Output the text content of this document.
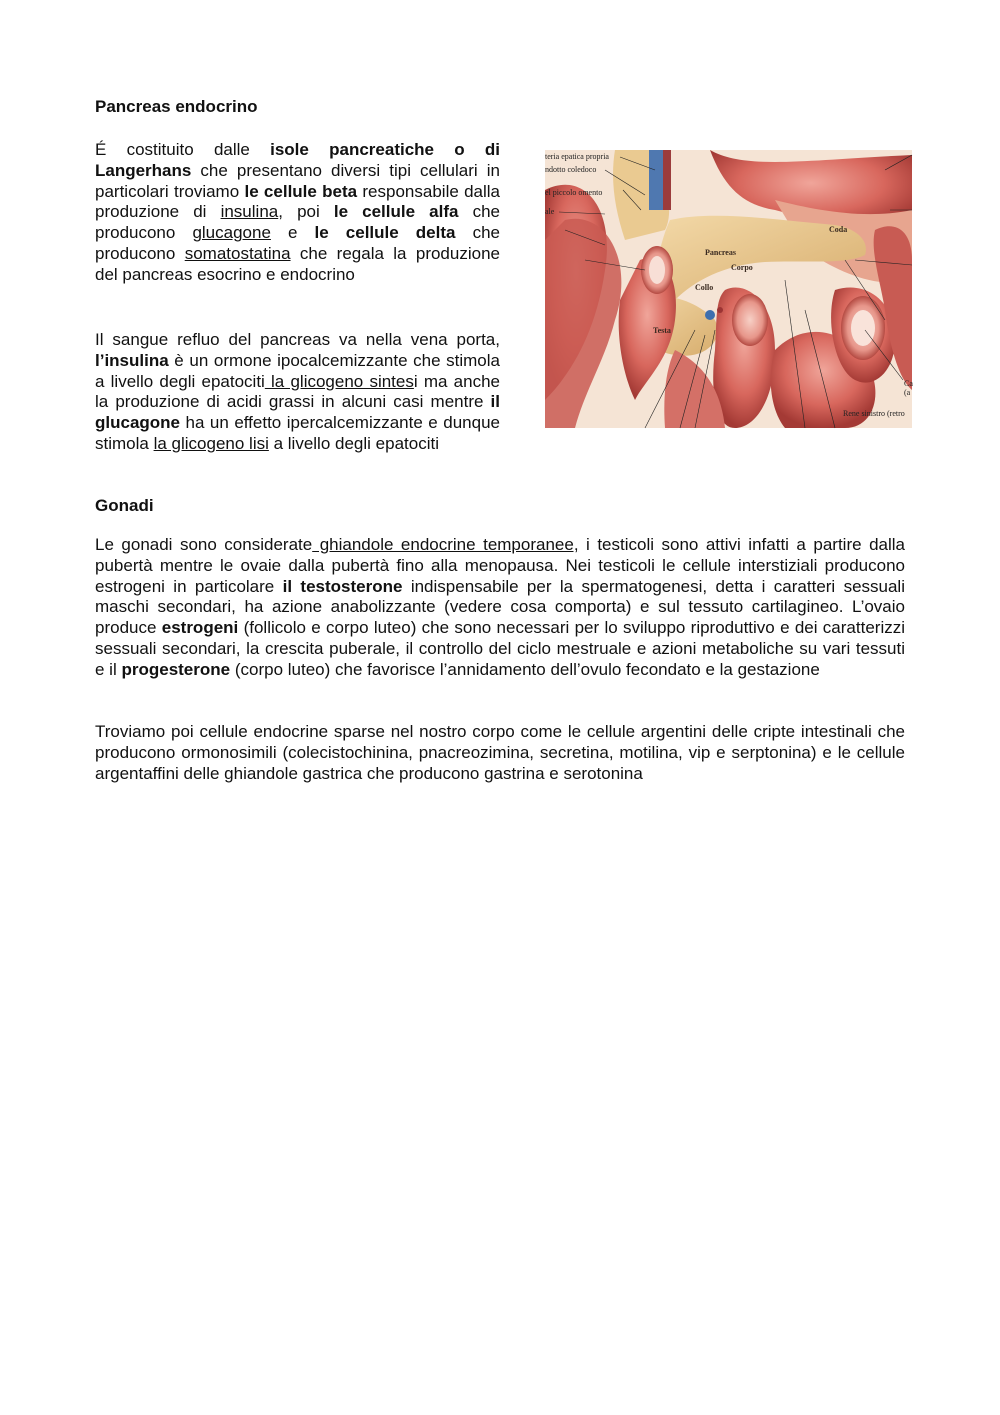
Pancreas endocrino

É costituito dalle isole pancreatiche o di Langerhans che presentano diversi tipi cellulari in particolari troviamo le cellule beta responsabile dalla produzione di insulina, poi le cellule alfa che producono glucagone e le cellule delta che producono somatostatina che regala la produzione del pancreas esocrino e endocrino

Il sangue refluo del pancreas va nella vena porta, l’insulina è un ormone ipocalcemizzante che stimola a livello degli epatociti la glicogeno sintesi ma anche la produzione di acidi grassi in alcuni casi mentre il glucagone ha un effetto ipercalcemizzante e dunque stimola la glicogeno lisi a livello degli epatociti

teria epatica propria
ndotto coledoco
el piccolo omento
ale
Pancreas
Corpo
Coda
Collo
Testa
Ca
(a
Rene sinistro (retro
Gonadi

Le gonadi sono considerate ghiandole endocrine temporanee, i testicoli sono attivi infatti a partire dalla pubertà mentre le ovaie dalla pubertà fino alla menopausa. Nei testicoli le cellule interstiziali producono estrogeni in particolare il testosterone indispensabile per la spermatogenesi, detta i caratteri sessuali maschi secondari, ha azione anabolizzante (vedere cosa comporta) e sul tessuto cartilagineo. L’ovaio produce estrogeni (follicolo e corpo luteo) che sono necessari per lo sviluppo riproduttivo e dei caratterizzi sessuali secondari, la crescita puberale, il controllo del ciclo mestruale e azioni metaboliche su vari tessuti e il progesterone (corpo luteo) che favorisce l’annidamento dell’ovulo fecondato e la gestazione

Troviamo poi cellule endocrine sparse nel nostro corpo come le cellule argentini delle cripte intestinali che producono ormonosimili (colecistochinina, pnacreozimina, secretina, motilina, vip e serptonina) e le cellule argentaffini delle ghiandole gastrica che producono gastrina e serotonina
